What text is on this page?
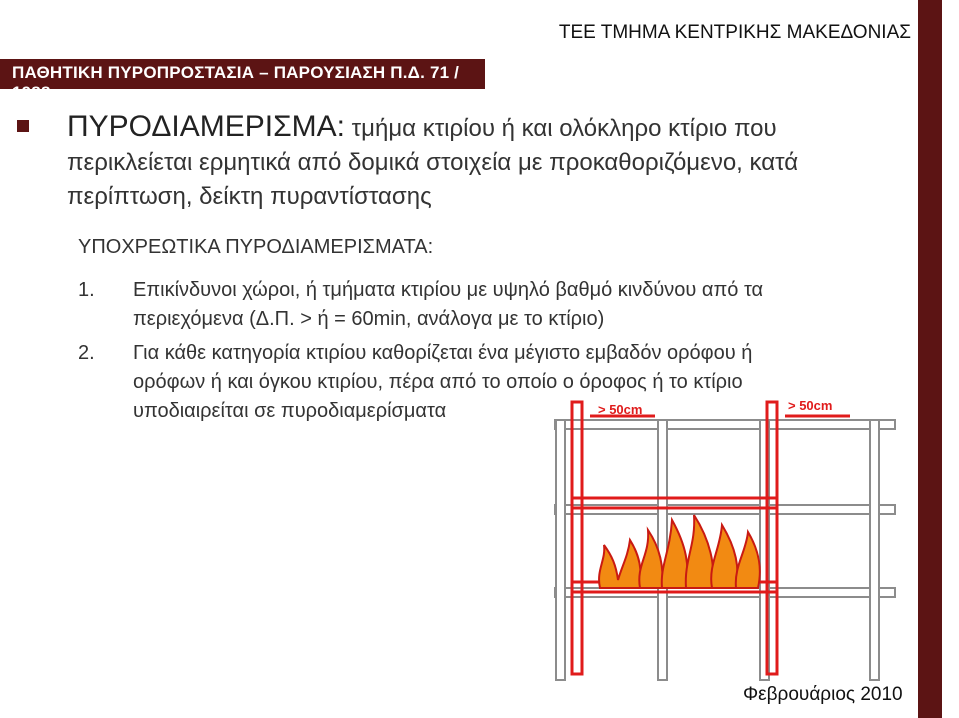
ΤΕΕ ΤΜΗΜΑ ΚΕΝΤΡΙΚΗΣ ΜΑΚΕΔΟΝΙΑΣ
ΠΑΘΗΤΙΚΗ ΠΥΡΟΠΡΟΣΤΑΣΙΑ – ΠΑΡΟΥΣΙΑΣΗ Π.Δ. 71 / 1988
ΠΥΡΟΔΙΑΜΕΡΙΣΜΑ: τμήμα κτιρίου ή και ολόκληρο κτίριο που περικλείεται ερμητικά από δομικά στοιχεία με προκαθοριζόμενο, κατά περίπτωση, δείκτη πυραντίστασης
ΥΠΟΧΡΕΩΤΙΚΑ ΠΥΡΟΔΙΑΜΕΡΙΣΜΑΤΑ:
1. Επικίνδυνοι χώροι, ή τμήματα κτιρίου με υψηλό βαθμό κινδύνου από τα
περιεχόμενα (Δ.Π. > ή = 60min, ανάλογα με το κτίριο)
2. Για κάθε κατηγορία κτιρίου καθορίζεται ένα μέγιστο εμβαδόν ορόφου ή
ορόφων ή και όγκου κτιρίου, πέρα από το οποίο ο όροφος ή το κτίριο
υποδιαιρείται σε πυροδιαμερίσματα	> 50cm	> 50cm
Φεβρουάριος 2010
